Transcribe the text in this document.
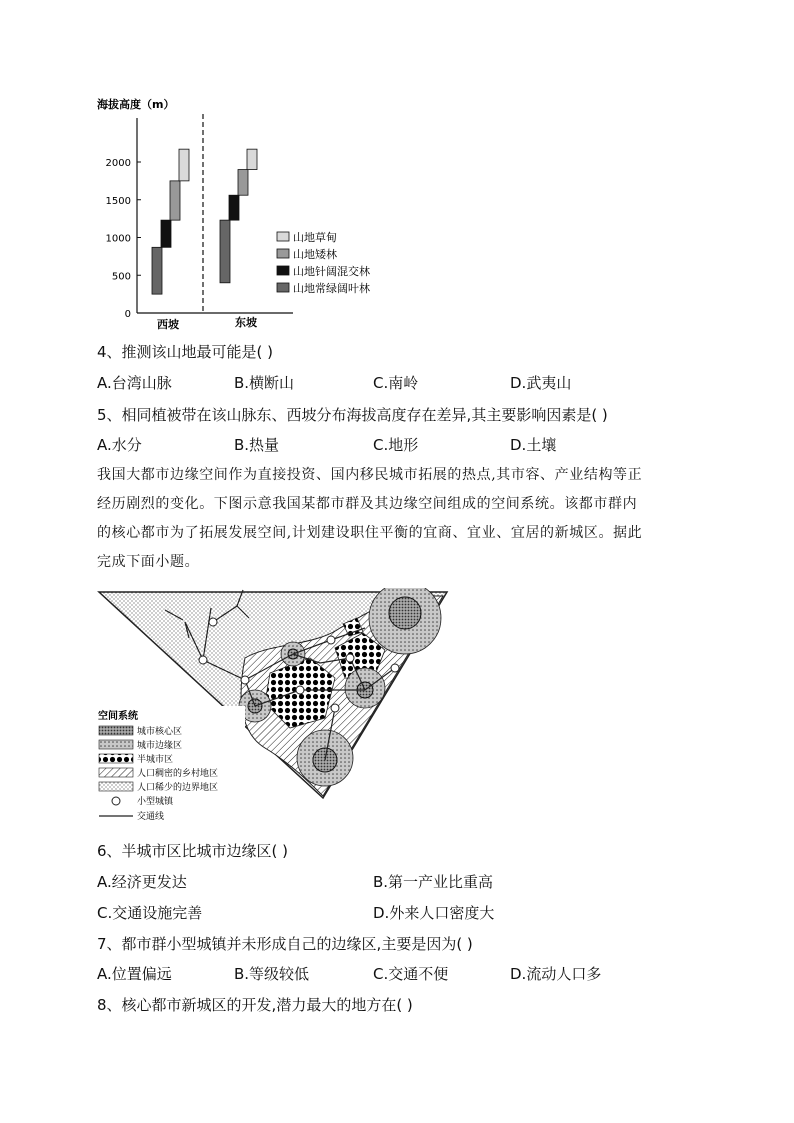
海拔高度（m）
0
500
1000
1500
2000
西坡	东坡
山地草甸
山地矮林
山地针阔混交林
山地常绿阔叶林
4、推测该山地最可能是( )
A.台湾山脉	B.横断山	C.南岭	D.武夷山
5、相同植被带在该山脉东、西坡分布海拔高度存在差异,其主要影响因素是( )
A.水分	B.热量	C.地形	D.土壤
我国大都市边缘空间作为直接投资、国内移民城市拓展的热点,其市容、产业结构等正
经历剧烈的变化。下图示意我国某都市群及其边缘空间组成的空间系统。该都市群内
的核心都市为了拓展发展空间,计划建设职住平衡的宜商、宜业、宜居的新城区。据此
完成下面小题。
空间系统
城市核心区
城市边缘区
半城市区
人口稠密的乡村地区
人口稀少的边界地区
小型城镇
交通线
6、半城市区比城市边缘区( )
A.经济更发达	B.第一产业比重高
C.交通设施完善	D.外来人口密度大
7、都市群小型城镇并未形成自己的边缘区,主要是因为( )
A.位置偏远	B.等级较低	C.交通不便	D.流动人口多
8、核心都市新城区的开发,潜力最大的地方在( )
